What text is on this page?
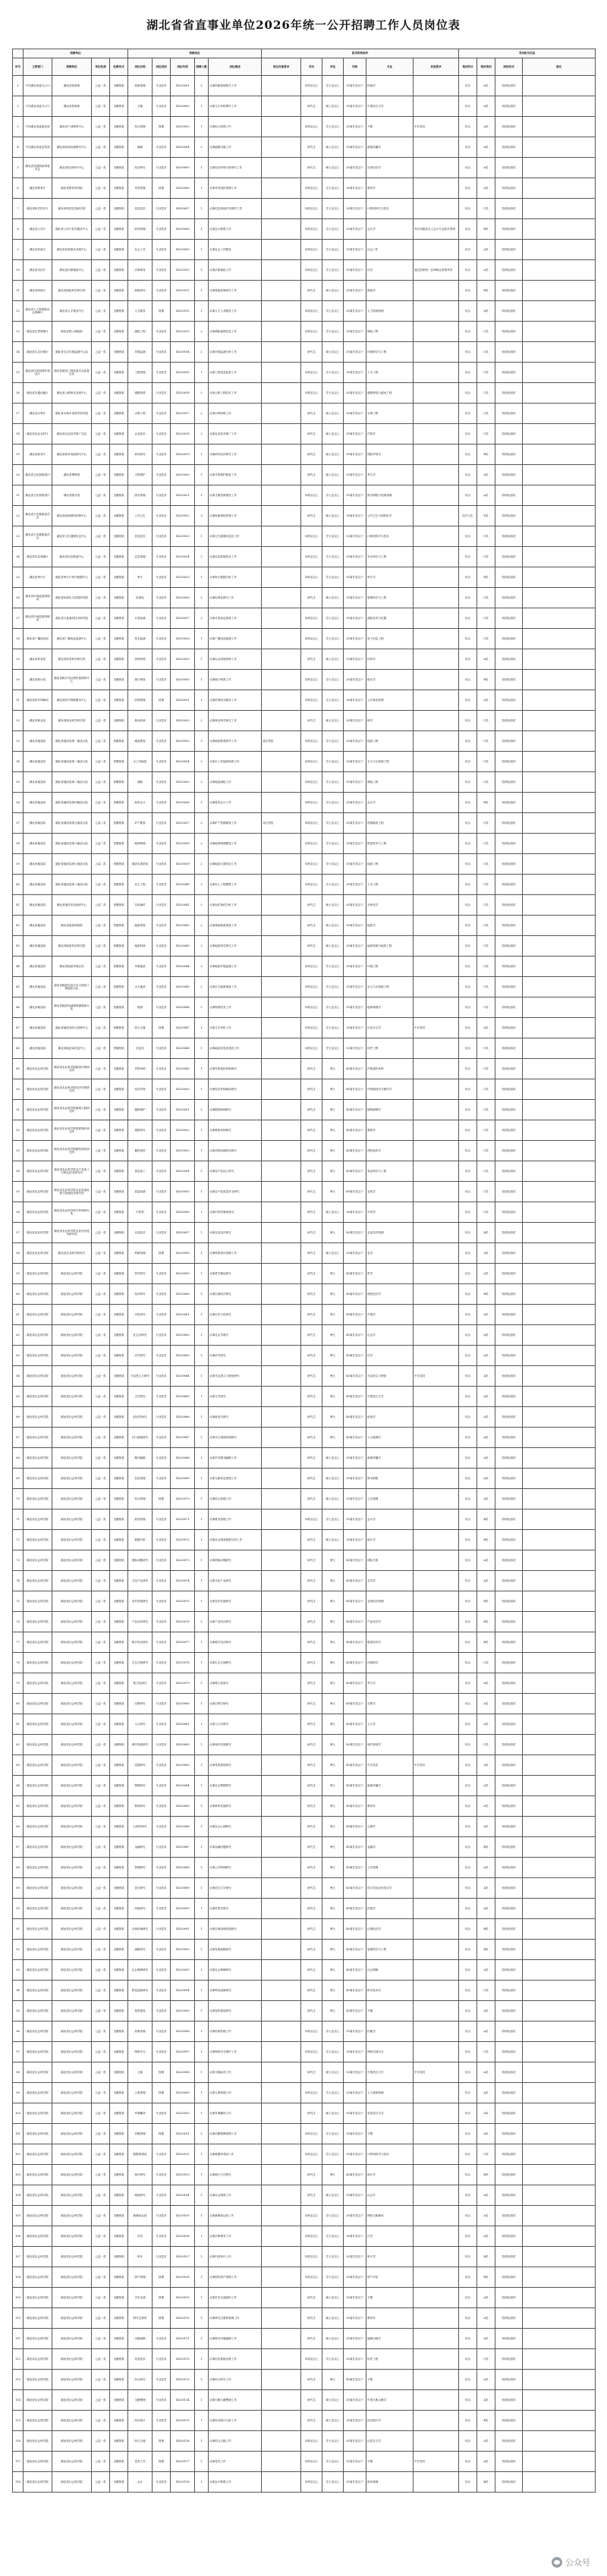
湖北省省直事业单位2026年统一公开招聘工作人员岗位表
	招聘单位				招聘岗位					报考资格条件						考试相关信息			
序号	主管部门	招聘单位	单位性质	经费形式	岗位名称	岗位类别	岗位代码	招聘人数	岗位描述	岗位其他要求	学历	学位	年龄	专业	其他要求	笔试科目	笔试类别	面试形式	备注
1	中共湖北省委办公厅	湖北省档案馆	公益一类	全额拨款	档案管理	专业技术	14230001	1	从事档案管理相关工作		本科及以上	学士及以上	35周岁及以下	档案学		综合	A类	结构化面试	
2	中共湖北省委办公厅	湖北省档案馆	公益一类	全额拨款	文秘	专业技术	14230002	1	从事文字材料撰写工作		研究生	硕士及以上	35周岁及以下	中国语言文学		综合	A类	结构化面试	
3	中共湖北省委组织部	湖北省干部教育中心	公益一类	全额拨款	综合管理	管理	14230003	1	从事综合管理工作		本科及以上	学士及以上	35周岁及以下	不限	中共党员	综合	A类	结构化面试	
4	中共湖北省委宣传部	湖北省新闻出版研究中心	公益一类	全额拨款	编辑	专业技术	14230004	2	从事编辑出版工作		研究生	硕士及以上	35周岁及以下	新闻传播学		综合	A类	结构化面试	
5	湖北省发展和改革委员会	湖北省经济研究中心	公益一类	全额拨款	经济研究	专业技术	14230005	1	从事经济形势分析研究工作		研究生	硕士及以上	35周岁及以下	应用经济学		综合	A类	结构化面试	
6	湖北省教育厅	湖北省教育考试院	公益一类	全额拨款	考务管理	管理	14230006	1	从事考试组织管理工作		本科及以上	学士及以上	35周岁及以下	教育学		综合	A类	结构化面试	
7	湖北省科学技术厅	湖北省科技信息研究院	公益一类	全额拨款	信息技术	专业技术	14230007	1	从事信息系统开发维护工作		本科及以上	学士及以上	35周岁及以下	计算机科学与技术		综合	C类	结构化面试	
8	湖北省公安厅	湖北省公安厅机关服务中心	公益一类	全额拨款	财务管理	专业技术	14230008	1	从事会计核算工作		本科及以上	学士及以上	35周岁及以下	会计学	具有初级及以上会计专业技术资格	综合	B类	结构化面试	
9	湖北省民政厅	湖北省民政事业发展中心	公益一类	全额拨款	社会工作	专业技术	14230009	1	从事社会工作服务		本科及以上	学士及以上	35周岁及以下	社会工作		综合	A类	结构化面试	
10	湖北省司法厅	湖北省法律援助中心	公益一类	全额拨款	法律事务	专业技术	14230010	1	从事法律援助工作		本科及以上	学士及以上	35周岁及以下	法学	通过国家统一法律职业资格考试	综合	A类	结构化面试	
11	湖北省财政厅	湖北省财政科学研究所	公益一类	全额拨款	财政研究	专业技术	14230011	1	从事财政政策研究工作		研究生	硕士及以上	35周岁及以下	财政学		综合	B类	结构化面试	
12	湖北省人力资源和社会保障厅	湖北省人才服务中心	公益一类	全额拨款	人才服务	管理	14230012	1	从事人才公共服务工作		本科及以上	学士及以上	35周岁及以下	人力资源管理		综合	A类	结构化面试	
13	湖北省自然资源厅	湖北省国土测绘院	公益一类	全额拨款	测绘工程	专业技术	14230013	2	从事测绘地理信息工作		本科及以上	学士及以上	35周岁及以下	测绘工程		综合	C类	结构化面试	
14	湖北省生态环境厅	湖北省生态环境监测中心站	公益一类	全额拨款	环境监测	专业技术	14230014	2	从事环境监测分析工作		研究生	硕士及以上	35周岁及以下	环境科学与工程		综合	C类	结构化面试	
15	湖北省住房和城乡建设厅	湖北省建设工程质量安全监督总站	公益一类	全额拨款	工程管理	专业技术	14230015	1	从事工程质量监督工作		本科及以上	学士及以上	35周岁及以下	土木工程		综合	C类	结构化面试	
16	湖北省交通运输厅	湖北省公路事业发展中心	公益一类	全额拨款	道路桥梁	专业技术	14230016	2	从事公路工程技术工作		本科及以上	学士及以上	35周岁及以下	道路桥梁与渡河工程		综合	C类	结构化面试	
17	湖北省水利厅	湖北省水利水电科学研究院	公益一类	全额拨款	水利工程	专业技术	14230017	2	从事水利科研工作		研究生	硕士及以上	35周岁及以下	水利工程		综合	C类	结构化面试	
18	湖北省农业农村厅	湖北省农业技术推广总站	公益一类	全额拨款	农业技术	专业技术	14230018	2	从事农业技术推广工作		研究生	硕士及以上	35周岁及以下	作物学		综合	C类	结构化面试	
19	湖北省商务厅	湖北省商务发展研究中心	公益一类	全额拨款	商务研究	专业技术	14230019	1	从事商务经济研究工作		研究生	硕士及以上	35周岁及以下	国际贸易学		综合	B类	结构化面试	
20	湖北省文化和旅游厅	湖北省博物馆	公益一类	全额拨款	文物保护	专业技术	14230020	1	从事文物保护修复工作		研究生	硕士及以上	35周岁及以下	考古学		综合	A类	结构化面试	
21	湖北省文化和旅游厅	湖北省图书馆	公益一类	全额拨款	图书管理	专业技术	14230021	1	从事文献资源建设工作		本科及以上	学士及以上	35周岁及以下	图书情报与档案管理		综合	A类	结构化面试	
22	湖北省卫生健康委员会	湖北省疾病预防控制中心	公益一类	全额拨款	公共卫生	专业技术	14230022	3	从事疾病预防控制工作		研究生	硕士及以上	35周岁及以下	公共卫生与预防医学		医疗卫生	E类	结构化面试	
23	湖北省卫生健康委员会	湖北省卫生健康信息中心	公益一类	全额拨款	信息技术	专业技术	14230023	1	从事卫生健康信息化工作		本科及以上	学士及以上	35周岁及以下	计算机科学与技术		综合	C类	结构化面试	
24	湖北省应急管理厅	湖北省应急救援中心	公益一类	全额拨款	应急管理	专业技术	14230024	2	从事应急救援技术工作		本科及以上	学士及以上	35周岁及以下	安全科学与工程		综合	C类	结构化面试	
25	湖北省审计厅	湖北省审计厅审计数据中心	公益一类	全额拨款	审计	专业技术	14230025	1	从事审计数据分析工作		本科及以上	学士及以上	35周岁及以下	审计学		综合	B类	结构化面试	
26	湖北省市场监督管理局	湖北省标准化与质量研究院	公益一类	全额拨款	标准化	专业技术	14230026	1	从事标准化研究工作		研究生	硕士及以上	35周岁及以下	管理科学与工程		综合	C类	结构化面试	
27	湖北省市场监督管理局	湖北省计量测试技术研究院	公益一类	全额拨款	计量检测	专业技术	14230027	2	从事计量检定校准工作		本科及以上	学士及以上	35周岁及以下	测控技术与仪器		综合	C类	结构化面试	
28	湖北省广播电视局	湖北省广播电视监测中心	公益一类	全额拨款	技术监测	专业技术	14230028	1	从事广播电视监测工作		本科及以上	学士及以上	35周岁及以下	电子信息工程		综合	C类	结构化面试	
29	湖北省体育局	湖北省体育科学研究所	公益一类	全额拨款	体育科研	专业技术	14230029	1	从事运动训练科研工作		研究生	硕士及以上	35周岁及以下	体育学		综合	A类	结构化面试	
30	湖北省统计局	湖北省统计局社情民意调查中心	公益一类	全额拨款	统计调查	专业技术	14230030	1	从事统计调查工作		本科及以上	学士及以上	35周岁及以下	统计学		综合	B类	结构化面试	
31	湖北省医疗保障局	湖北省医疗保障服务中心	公益一类	全额拨款	医保管理	管理	14230031	1	从事医保经办服务工作		本科及以上	学士及以上	35周岁及以下	公共事业管理		综合	A类	结构化面试	
32	湖北省林业局	湖北省林业科学研究院	公益一类	全额拨款	林业科研	专业技术	14230032	2	从事林业科学研究工作		研究生	硕士及以上	35周岁及以下	林学		综合	C类	结构化面试	
33	湖北省地质局	湖北省地质局第一地质大队	公益二类	差额拨款	地质勘查	专业技术	14230033	3	从事地质勘查野外工作	适合男性	本科及以上	学士及以上	35周岁及以下	地质工程		综合	C类	结构化面试	
34	湖北省地质局	湖北省地质局第二地质大队	公益二类	差额拨款	水工环地质	专业技术	14230034	2	从事水工环地质调查工作		本科及以上	学士及以上	35周岁及以下	水文与水资源工程		综合	C类	结构化面试	
35	湖北省地质局	湖北省地质局第三地质大队	公益二类	差额拨款	测绘	专业技术	14230035	2	从事地质测绘工作		本科及以上	学士及以上	35周岁及以下	测绘工程		综合	C类	结构化面试	
36	湖北省地质局	湖北省地质局第四地质大队	公益二类	差额拨款	财务会计	专业技术	14230036	1	从事财务会计工作		本科及以上	学士及以上	35周岁及以下	会计学		综合	B类	结构化面试	
37	湖北省地质局	湖北省地质局第五地质大队	公益二类	差额拨款	矿产勘查	专业技术	14230037	2	从事矿产资源勘查工作	适合男性	本科及以上	学士及以上	35周岁及以下	资源勘查工程		综合	C类	结构化面试	
38	湖北省地质局	湖北省地质局第六地质大队	公益二类	差额拨款	地球物理	专业技术	14230038	2	从事地球物理勘查工作		本科及以上	学士及以上	35周岁及以下	勘查技术与工程		综合	C类	结构化面试	
39	湖北省地质局	湖北省地质局第七地质大队	公益二类	差额拨款	地质灾害防治	专业技术	14230039	2	从事地质灾害防治工作		本科及以上	学士及以上	35周岁及以下	地质工程		综合	C类	结构化面试	
40	湖北省地质局	湖北省地质局第八地质大队	公益二类	差额拨款	岩土工程	专业技术	14230040	2	从事岩土工程勘察工作		本科及以上	学士及以上	35周岁及以下	土木工程		综合	C类	结构化面试	
41	湖北省地质局	湖北省地质实验测试中心	公益二类	差额拨款	实验测试	专业技术	14230041	2	从事岩矿测试分析工作		研究生	硕士及以上	35周岁及以下	分析化学		综合	C类	结构化面试	
42	湖北省地质局	湖北省地质调查院	公益二类	差额拨款	地质调查	专业技术	14230042	2	从事基础地质调查工作		研究生	硕士及以上	35周岁及以下	地质学		综合	C类	结构化面试	
43	湖北省地质局	湖北省地质科学研究院	公益二类	差额拨款	地质科研	专业技术	14230043	2	从事地质科学研究工作		研究生	硕士及以上	35周岁及以下	地质资源与地质工程		综合	C类	结构化面试	
44	湖北省地质局	湖北省地质环境总站	公益二类	差额拨款	环境地质	专业技术	14230044	2	从事地质环境监测工作		本科及以上	学士及以上	35周岁及以下	环境工程		综合	C类	结构化面试	
45	湖北省地质局	湖北省地质局武汉水文地质工程地质大队	公益二类	差额拨款	水文地质	专业技术	14230045	2	从事水文地质调查工作		本科及以上	学士及以上	35周岁及以下	水文与水资源工程		综合	C类	结构化面试	
46	湖北省地质局	湖北省地质局地球物理勘探大队	公益二类	差额拨款	物探	专业技术	14230046	2	从事物探技术工作		本科及以上	学士及以上	35周岁及以下	地球物理学		综合	C类	结构化面试	
47	湖北省地质局	湖北省地质局综合管理中心	公益二类	差额拨款	综合文秘	管理	14230047	1	从事文字材料工作		本科及以上	学士及以上	35周岁及以下	汉语言文学	中共党员	综合	A类	结构化面试	
48	湖北省地质局	湖北省地质局信息中心	公益二类	差额拨款	信息化	专业技术	14230048	1	从事地质信息化建设工作		本科及以上	学士及以上	35周岁及以下	软件工程		综合	C类	结构化面试	
49	湖北省农业科学院	湖北省农业科学院粮食作物研究所	公益一类	全额拨款	作物育种	专业技术	14230049	1	从事作物遗传育种研究		研究生	博士	40周岁及以下	作物遗传育种		综合	C类	结构化面试	
50	湖北省农业科学院	湖北省农业科学院经济作物研究所	公益一类	全额拨款	经济作物	专业技术	14230050	1	从事经济作物栽培研究		研究生	博士	40周岁及以下	作物栽培学与耕作学		综合	C类	结构化面试	
51	湖北省农业科学院	湖北省农业科学院植保土肥研究所	公益一类	全额拨款	植物保护	专业技术	14230051	1	从事植物病理研究		研究生	博士	40周岁及以下	植物病理学		综合	C类	结构化面试	
52	湖北省农业科学院	湖北省农业科学院果树茶叶研究所	公益一类	全额拨款	果树研究	专业技术	14230052	1	从事果树育种研究		研究生	博士	40周岁及以下	果树学		综合	C类	结构化面试	
53	湖北省农业科学院	湖北省农业科学院畜牧兽医研究所	公益一类	全额拨款	畜牧兽医	专业技术	14230053	1	从事动物疫病防控研究		研究生	博士	40周岁及以下	预防兽医学		综合	C类	结构化面试	
54	湖北省农业科学院	湖北省农业科学院农产品加工与核农技术研究所	公益一类	全额拨款	食品加工	专业技术	14230054	1	从事农产品加工研究		研究生	博士	40周岁及以下	食品科学与工程		综合	C类	结构化面试	
55	湖北省农业科学院	湖北省农业科学院农业质量标准与检测技术研究所	公益一类	全额拨款	质量检测	专业技术	14230055	1	从事农产品质量安全研究		研究生	博士	40周岁及以下	农药学		综合	C类	结构化面试	
56	湖北省农业科学院	湖北省农业科学院中药材研究所	公益一类	全额拨款	中药材	专业技术	14230056	1	从事中药材栽培研究		研究生	硕士及以上	35周岁及以下	中药学		综合	C类	结构化面试	
57	湖北省农业科学院	湖北省农业科学院农业经济技术研究所	公益一类	全额拨款	农业经济	专业技术	14230057	1	从事农业经济研究		研究生	博士	40周岁及以下	农业经济管理		综合	B类	结构化面试	
58	湖北省农业科学院	湖北省农业科学院机关	公益一类	全额拨款	科研管理	管理	14230058	1	从事科研项目管理工作		研究生	硕士及以上	35周岁及以下	农学		综合	A类	结构化面试	
59	湖北省社会科学院	湖北省社会科学院	公益一类	全额拨款	哲学研究	专业技术	14230059	1	从事哲学理论研究		研究生	博士	40周岁及以下	哲学		综合	A类	结构化面试	
60	湖北省社会科学院	湖北省社会科学院	公益一类	全额拨款	经济研究	专业技术	14230060	1	从事区域经济研究		研究生	博士	40周岁及以下	理论经济学		综合	B类	结构化面试	
61	湖北省社会科学院	湖北省社会科学院	公益一类	全额拨款	历史研究	专业技术	14230061	1	从事历史文化研究		研究生	博士	40周岁及以下	中国史		综合	A类	结构化面试	
62	湖北省社会科学院	湖北省社会科学院	公益一类	全额拨款	社会学研究	专业技术	14230062	1	从事社会学研究		研究生	博士	40周岁及以下	社会学		综合	A类	结构化面试	
63	湖北省社会科学院	湖北省社会科学院	公益一类	全额拨款	法学研究	专业技术	14230063	1	从事法学研究		研究生	博士	40周岁及以下	法学		综合	A类	结构化面试	
64	湖北省社会科学院	湖北省社会科学院	公益一类	全额拨款	马克思主义研究	专业技术	14230064	1	从事马克思主义理论研究		研究生	博士	40周岁及以下	马克思主义理论	中共党员	综合	A类	结构化面试	
65	湖北省社会科学院	湖北省社会科学院	公益一类	全额拨款	文学研究	专业技术	14230065	1	从事文学研究		研究生	博士	40周岁及以下	中国语言文学		综合	A类	结构化面试	
66	湖北省社会科学院	湖北省社会科学院	公益一类	全额拨款	政治学研究	专业技术	14230066	1	从事政治学研究		研究生	博士	40周岁及以下	政治学		综合	A类	结构化面试	
67	湖北省社会科学院	湖北省社会科学院	公益一类	全额拨款	长江流域研究	专业技术	14230067	1	从事长江流域发展研究		研究生	博士	40周岁及以下	人文地理学		综合	A类	结构化面试	
68	湖北省社会科学院	湖北省社会科学院	公益一类	全额拨款	期刊编辑	专业技术	14230068	1	从事学术期刊编辑工作		研究生	硕士及以上	35周岁及以下	新闻传播学		综合	A类	结构化面试	
69	湖北省社会科学院	湖北省社会科学院	公益一类	全额拨款	信息管理	专业技术	14230069	1	从事文献信息管理工作		研究生	硕士及以上	35周岁及以下	图书情报		综合	A类	结构化面试	
70	湖北省社会科学院	湖北省社会科学院	公益一类	全额拨款	综合管理	管理	14230070	1	从事综合管理工作		研究生	硕士及以上	35周岁及以下	公共管理		综合	A类	结构化面试	
71	湖北省社会科学院	湖北省社会科学院	公益一类	全额拨款	财务管理	专业技术	14230071	1	从事财务管理工作		本科及以上	学士及以上	35周岁及以下	会计学		综合	B类	结构化面试	
72	湖北省社会科学院	湖北省社会科学院	公益一类	全额拨款	数据分析	专业技术	14230072	1	从事社会调查数据分析工作		研究生	硕士及以上	35周岁及以下	统计学		综合	B类	结构化面试	
73	湖北省社会科学院	湖北省社会科学院	公益一类	全额拨款	国际问题研究	专业技术	14230073	1	从事国际问题研究		研究生	博士	40周岁及以下	国际关系		综合	A类	结构化面试	
74	湖北省社会科学院	湖北省社会科学院	公益一类	全额拨款	文化产业研究	专业技术	14230074	1	从事文化产业研究		研究生	博士	40周岁及以下	艺术学		综合	A类	结构化面试	
75	湖北省社会科学院	湖北省社会科学院	公益一类	全额拨款	农村发展研究	专业技术	14230075	1	从事农村发展研究		研究生	博士	40周岁及以下	农林经济管理		综合	B类	结构化面试	
76	湖北省社会科学院	湖北省社会科学院	公益一类	全额拨款	产业经济研究	专业技术	14230076	1	从事产业经济研究		研究生	博士	40周岁及以下	产业经济学		综合	B类	结构化面试	
77	湖北省社会科学院	湖北省社会科学院	公益一类	全额拨款	数字经济研究	专业技术	14230077	1	从事数字经济研究		研究生	博士	40周岁及以下	数量经济学		综合	B类	结构化面试	
78	湖北省社会科学院	湖北省社会科学院	公益一类	全额拨款	生态文明研究	专业技术	14230078	1	从事生态文明研究		研究生	博士	40周岁及以下	环境科学		综合	C类	结构化面试	
79	湖北省社会科学院	湖北省社会科学院	公益一类	全额拨款	楚文化研究	专业技术	14230079	1	从事楚文化研究		研究生	博士	40周岁及以下	考古学		综合	A类	结构化面试	
80	湖北省社会科学院	湖北省社会科学院	公益一类	全额拨款	宗教研究	专业技术	14230080	1	从事宗教学研究		研究生	博士	40周岁及以下	宗教学		综合	A类	结构化面试	
81	湖北省社会科学院	湖北省社会科学院	公益一类	全额拨款	人口研究	专业技术	14230081	1	从事人口学研究		研究生	博士	40周岁及以下	人口学		综合	A类	结构化面试	
82	湖北省社会科学院	湖北省社会科学院	公益一类	全额拨款	城市发展研究	专业技术	14230082	1	从事城市发展研究		研究生	博士	40周岁及以下	城乡规划学		综合	C类	结构化面试	
83	湖北省社会科学院	湖北省社会科学院	公益一类	全额拨款	党建研究	专业技术	14230083	1	从事党的建设研究		研究生	博士	40周岁及以下	中共党史	中共党员	综合	A类	结构化面试	
84	湖北省社会科学院	湖北省社会科学院	公益一类	全额拨款	舆情研究	专业技术	14230084	1	从事社会舆情研究		研究生	博士	40周岁及以下	新闻传播学		综合	A类	结构化面试	
85	湖北省社会科学院	湖北省社会科学院	公益一类	全额拨款	教育研究	专业技术	14230085	1	从事教育发展研究		研究生	博士	40周岁及以下	教育学		综合	A类	结构化面试	
86	湖北省社会科学院	湖北省社会科学院	公益一类	全额拨款	心理学研究	专业技术	14230086	1	从事社会心理研究		研究生	博士	40周岁及以下	心理学		综合	A类	结构化面试	
87	湖北省社会科学院	湖北省社会科学院	公益一类	全额拨款	金融研究	专业技术	14230087	1	从事金融问题研究		研究生	博士	40周岁及以下	金融学		综合	B类	结构化面试	
88	湖北省社会科学院	湖北省社会科学院	公益一类	全额拨款	管理研究	专业技术	14230088	1	从事公共管理研究		研究生	博士	40周岁及以下	公共管理		综合	A类	结构化面试	
89	湖北省社会科学院	湖北省社会科学院	公益一类	全额拨款	语言研究	专业技术	14230089	1	从事语言文字研究		研究生	博士	40周岁及以下	语言学及应用语言学		综合	A类	结构化面试	
90	湖北省社会科学院	湖北省社会科学院	公益一类	全额拨款	民族研究	专业技术	14230090	1	从事民族学研究		研究生	博士	40周岁及以下	民族学		综合	A类	结构化面试	
91	湖北省社会科学院	湖北省社会科学院	公益一类	全额拨款	区域协调研究	专业技术	14230091	1	从事区域协调发展研究		研究生	博士	40周岁及以下	区域经济学		综合	B类	结构化面试	
92	湖北省社会科学院	湖北省社会科学院	公益一类	全额拨款	战略研究	专业技术	14230092	1	从事发展战略研究		研究生	博士	40周岁及以下	管理科学与工程		综合	B类	结构化面试	
93	湖北省社会科学院	湖北省社会科学院	公益一类	全额拨款	社会保障研究	专业技术	14230093	1	从事社会保障研究		研究生	博士	40周岁及以下	社会保障		综合	A类	结构化面试	
94	湖北省社会科学院	湖北省社会科学院	公益一类	全额拨款	科技创新研究	专业技术	14230094	1	从事科技创新研究		研究生	博士	40周岁及以下	科学技术史		综合	C类	结构化面试	
95	湖北省社会科学院	湖北省社会科学院	公益一类	全额拨款	智库建设	专业技术	14230095	1	从事智库建设研究		研究生	博士	40周岁及以下	不限		综合	A类	结构化面试	
96	湖北省社会科学院	湖北省社会科学院	公益一类	全额拨款	档案管理	专业技术	14230096	1	从事档案管理工作		本科及以上	学士及以上	35周岁及以下	档案学		综合	A类	结构化面试	
97	湖北省社会科学院	湖北省社会科学院	公益一类	全额拨款	网络安全	专业技术	14230097	1	从事网络安全维护工作		本科及以上	学士及以上	35周岁及以下	网络空间安全		综合	C类	结构化面试	
98	湖北省社会科学院	湖北省社会科学院	公益一类	全额拨款	文秘	管理	14230098	1	从事文稿起草工作		研究生	硕士及以上	35周岁及以下	中国语言文学	中共党员	综合	A类	结构化面试	
99	湖北省社会科学院	湖北省社会科学院	公益一类	全额拨款	人事管理	管理	14230099	1	从事人事管理工作		本科及以上	学士及以上	35周岁及以下	人力资源管理		综合	A类	结构化面试	
100	湖北省社会科学院	湖北省社会科学院	公益一类	全额拨款	外事翻译	专业技术	14230100	1	从事外事翻译工作		研究生	硕士及以上	35周岁及以下	英语语言文学		综合	A类	结构化面试	
101	湖北省社会科学院	湖北省社会科学院	公益一类	全额拨款	后勤管理	管理	14230101	1	从事后勤保障管理工作		本科及以上	学士及以上	35周岁及以下	不限		综合	A类	结构化面试	
102	湖北省社会科学院	湖北省社会科学院	公益一类	全额拨款	数据库建设	专业技术	14230102	1	从事数据库建设工作		本科及以上	学士及以上	35周岁及以下	计算机科学与技术		综合	C类	结构化面试	
103	湖北省社会科学院	湖北省社会科学院	公益一类	全额拨款	统计研究	专业技术	14230103	1	从事统计方法研究		研究生	博士	40周岁及以下	统计学		综合	B类	结构化面试	
104	湖北省社会科学院	湖北省社会科学院	公益一类	全额拨款	调查研究	专业技术	14230104	1	从事社会调查工作		研究生	硕士及以上	35周岁及以下	社会学		综合	A类	结构化面试	
105	湖北省社会科学院	湖北省社会科学院	公益一类	全额拨款	新媒体运营	专业技术	14230105	1	从事新媒体运营工作		本科及以上	学士及以上	35周岁及以下	网络与新媒体		综合	A类	结构化面试	
106	湖北省社会科学院	湖北省社会科学院	公益一类	全额拨款	法务	专业技术	14230106	1	从事法律事务工作		本科及以上	学士及以上	35周岁及以下	法学		综合	A类	结构化面试	
107	湖北省社会科学院	湖北省社会科学院	公益一类	全额拨款	审计	专业技术	14230107	1	从事内部审计工作		本科及以上	学士及以上	35周岁及以下	审计学		综合	B类	结构化面试	
108	湖北省社会科学院	湖北省社会科学院	公益一类	全额拨款	资产管理	管理	14230108	1	从事国有资产管理工作		本科及以上	学士及以上	35周岁及以下	资产评估		综合	B类	结构化面试	
109	湖北省社会科学院	湖北省社会科学院	公益一类	全额拨款	学术交流	管理	14230109	1	从事学术交流组织工作		研究生	硕士及以上	35周岁及以下	不限		综合	A类	结构化面试	
110	湖北省社会科学院	湖北省社会科学院	公益一类	全额拨款	研究生教育	管理	14230110	1	从事研究生教育管理工作		研究生	硕士及以上	35周岁及以下	教育学		综合	A类	结构化面试	
111	湖北省社会科学院	湖北省社会科学院	公益一类	全额拨款	出版编辑	专业技术	14230111	1	从事图书出版编辑工作		研究生	硕士及以上	35周岁及以下	编辑出版学		综合	A类	结构化面试	
112	湖北省社会科学院	湖北省社会科学院	公益一类	全额拨款	信息技术	专业技术	14230112	1	从事信息系统运维工作		本科及以上	学士及以上	35周岁及以下	软件工程		综合	C类	结构化面试	
113	湖北省社会科学院	湖北省社会科学院	公益一类	全额拨款	综合研究	专业技术	14230113	1	从事综合研究工作		研究生	博士	40周岁及以下	不限		综合	A类	结构化面试	
114	湖北省社会科学院	湖北省社会科学院	公益一类	全额拨款	文献整理	专业技术	14230114	1	从事古籍文献整理工作		研究生	硕士及以上	35周岁及以下	中国古典文献学		综合	A类	结构化面试	
115	湖北省社会科学院	湖北省社会科学院	公益一类	全额拨款	经济统计	专业技术	14230115	1	从事经济统计分析工作		研究生	硕士及以上	35周岁及以下	经济统计学		综合	B类	结构化面试	
116	湖北省社会科学院	湖北省社会科学院	公益一类	全额拨款	综合文秘	管理	14230116	1	从事综合文秘工作		本科及以上	学士及以上	35周岁及以下	汉语言文学		综合	A类	结构化面试	
117	湖北省社会科学院	湖北省社会科学院	公益一类	全额拨款	党务工作	管理	14230117	1	从事党务工作		本科及以上	学士及以上	35周岁及以下	不限	中共党员	综合	A类	结构化面试	
118	湖北省社会科学院	湖北省社会科学院	公益一类	全额拨款	会计	专业技术	14230118	1	从事会计核算工作		本科及以上	学士及以上	35周岁及以下	财务管理		综合	B类	结构化面试	
公众号
